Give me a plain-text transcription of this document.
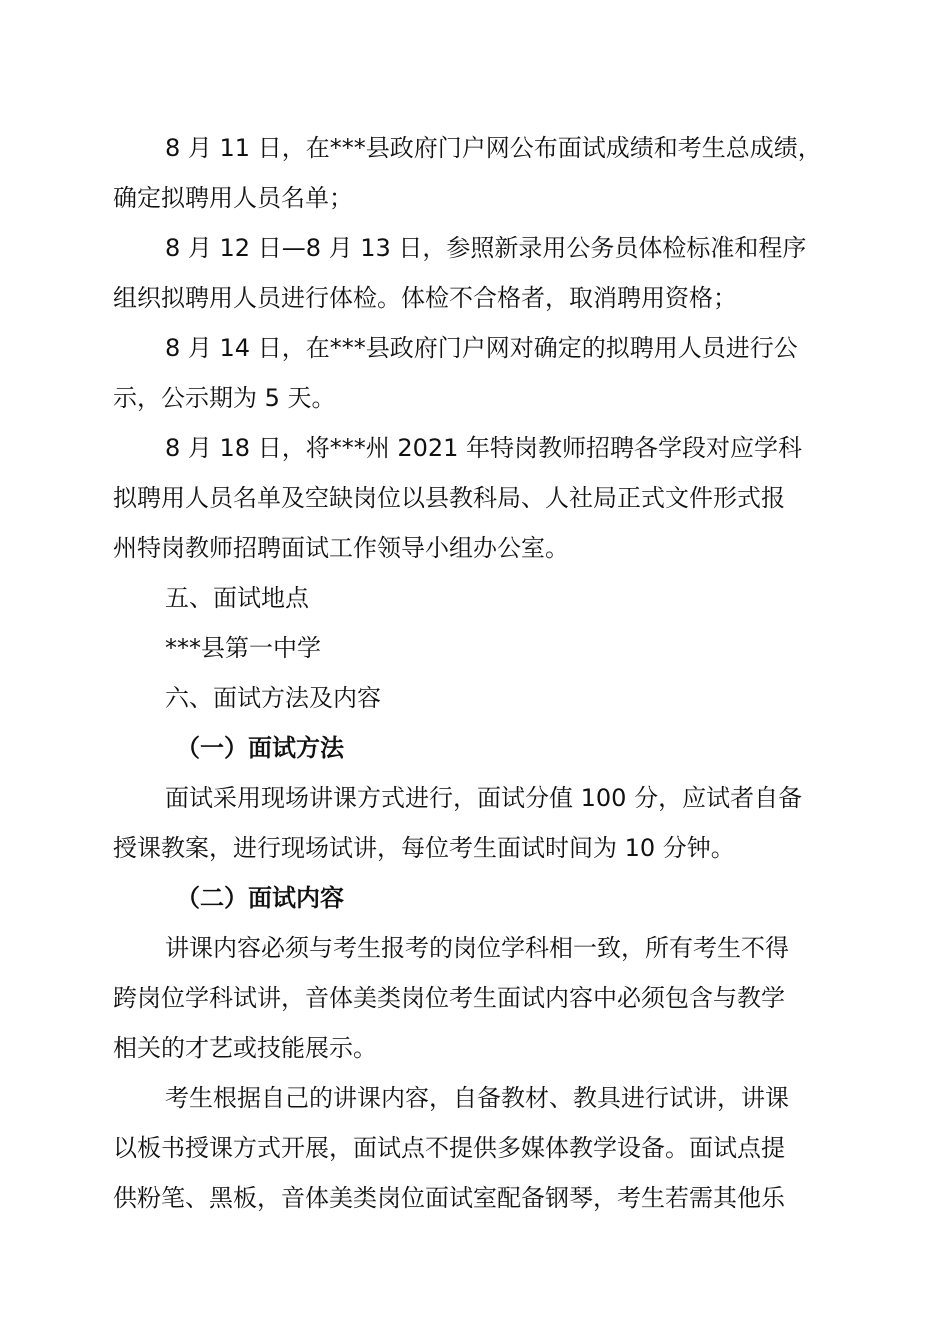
8 月 11 日，在***县政府门户网公布面试成绩和考生总成绩，
确定拟聘用人员名单；
8 月 12 日—8 月 13 日，参照新录用公务员体检标准和程序
组织拟聘用人员进行体检。体检不合格者，取消聘用资格；
8 月 14 日，在***县政府门户网对确定的拟聘用人员进行公
示，公示期为 5 天。
8 月 18 日，将***州 2021 年特岗教师招聘各学段对应学科
拟聘用人员名单及空缺岗位以县教科局、人社局正式文件形式报
州特岗教师招聘面试工作领导小组办公室。
五、面试地点
***县第一中学
六、面试方法及内容
（一）面试方法
面试采用现场讲课方式进行，面试分值 100 分，应试者自备
授课教案，进行现场试讲，每位考生面试时间为 10 分钟。
（二）面试内容
讲课内容必须与考生报考的岗位学科相一致，所有考生不得
跨岗位学科试讲，音体美类岗位考生面试内容中必须包含与教学
相关的才艺或技能展示。
考生根据自己的讲课内容，自备教材、教具进行试讲，讲课
以板书授课方式开展，面试点不提供多媒体教学设备。面试点提
供粉笔、黑板，音体美类岗位面试室配备钢琴，考生若需其他乐
